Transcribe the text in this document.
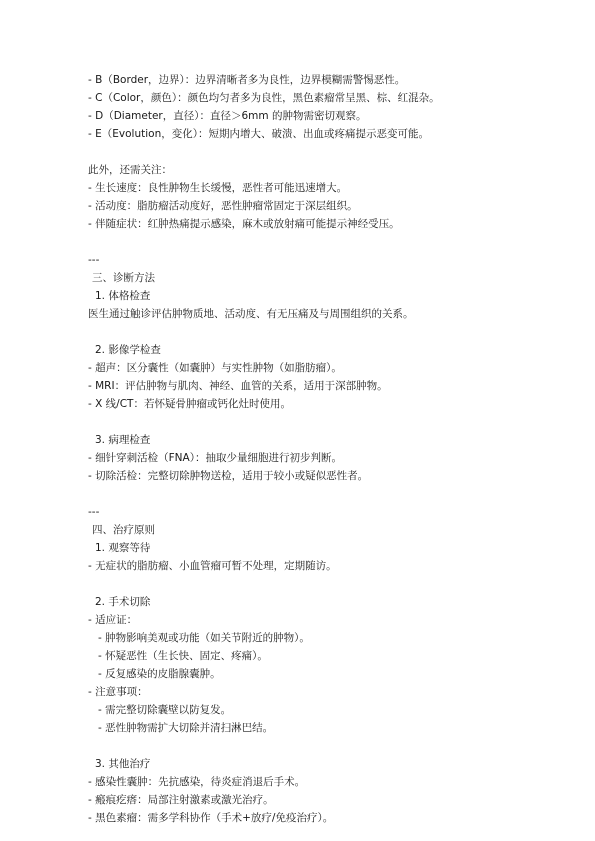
- B（Border，边界）：边界清晰者多为良性，边界模糊需警惕恶性。
- C（Color，颜色）：颜色均匀者多为良性，黑色素瘤常呈黑、棕、红混杂。
- D（Diameter，直径）：直径＞6mm 的肿物需密切观察。
- E（Evolution，变化）：短期内增大、破溃、出血或疼痛提示恶变可能。
此外，还需关注：
- 生长速度：良性肿物生长缓慢，恶性者可能迅速增大。
- 活动度：脂肪瘤活动度好，恶性肿瘤常固定于深层组织。
- 伴随症状：红肿热痛提示感染，麻木或放射痛可能提示神经受压。
---
三、诊断方法
1. 体格检查
医生通过触诊评估肿物质地、活动度、有无压痛及与周围组织的关系。
2. 影像学检查
- 超声：区分囊性（如囊肿）与实性肿物（如脂肪瘤）。
- MRI：评估肿物与肌肉、神经、血管的关系，适用于深部肿物。
- X 线/CT：若怀疑骨肿瘤或钙化灶时使用。
3. 病理检查
- 细针穿刺活检（FNA）：抽取少量细胞进行初步判断。
- 切除活检：完整切除肿物送检，适用于较小或疑似恶性者。
---
四、治疗原则
1. 观察等待
- 无症状的脂肪瘤、小血管瘤可暂不处理，定期随访。
2. 手术切除
- 适应证：
- 肿物影响美观或功能（如关节附近的肿物）。
- 怀疑恶性（生长快、固定、疼痛）。
- 反复感染的皮脂腺囊肿。
- 注意事项：
- 需完整切除囊壁以防复发。
- 恶性肿物需扩大切除并清扫淋巴结。
3. 其他治疗
- 感染性囊肿：先抗感染，待炎症消退后手术。
- 瘢痕疙瘩：局部注射激素或激光治疗。
- 黑色素瘤：需多学科协作（手术+放疗/免疫治疗）。
